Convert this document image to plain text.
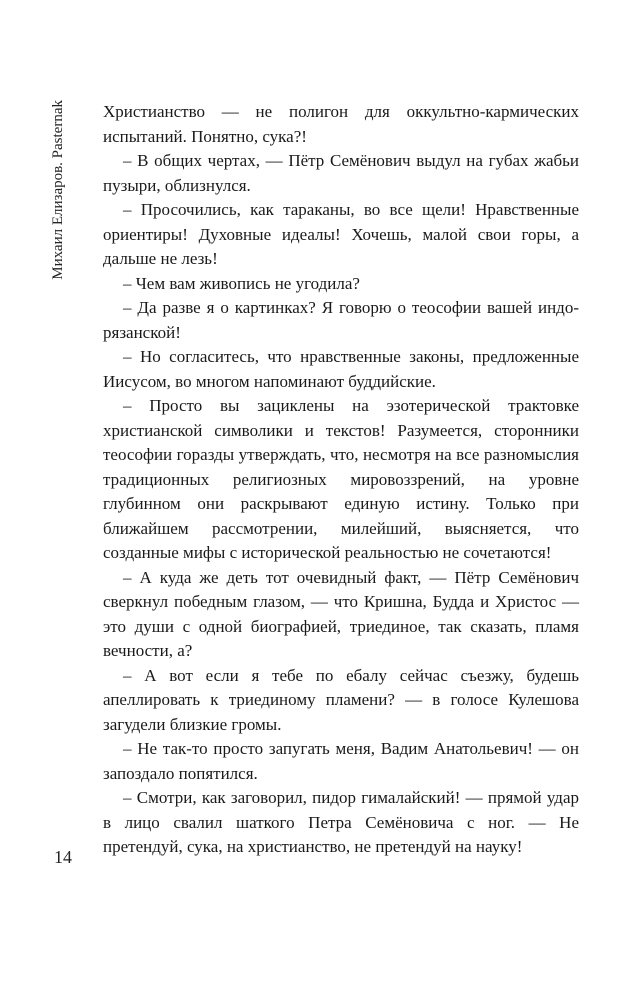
Михаил Елизаров. Pasternak
14

Христианство — не полигон для оккультно-кармических испытаний. Понятно, сука?!

– В общих чертах, — Пётр Семёнович выдул на губах жабьи пузыри, облизнулся.

– Просочились, как тараканы, во все щели! Нравственные ориентиры! Духовные идеалы! Хочешь, малой свои горы, а дальше не лезь!

– Чем вам живопись не угодила?

– Да разве я о картинках? Я говорю о теософии вашей индо-рязанской!

– Но согласитесь, что нравственные законы, предложенные Иисусом, во многом напоминают буддийские.

– Просто вы зациклены на эзотерической трактовке христианской символики и текстов! Разумеется, сторонники теософии горазды утверждать, что, несмотря на все разномыслия традиционных религиозных мировоззрений, на уровне глубинном они раскрывают единую истину. Только при ближайшем рассмотрении, милейший, выясняется, что созданные мифы с исторической реальностью не сочетаются!

– А куда же деть тот очевидный факт, — Пётр Семёнович сверкнул победным глазом, — что Кришна, Будда и Христос — это души с одной биографией, триединое, так сказать, пламя вечности, а?

– А вот если я тебе по ебалу сейчас съезжу, будешь апеллировать к триединому пламени? — в голосе Кулешова загудели близкие громы.

– Не так-то просто запугать меня, Вадим Анатольевич! — он запоздало попятился.

– Смотри, как заговорил, пидор гималайский! — прямой удар в лицо свалил шаткого Петра Семёновича с ног. — Не претендуй, сука, на христианство, не претендуй на науку!
